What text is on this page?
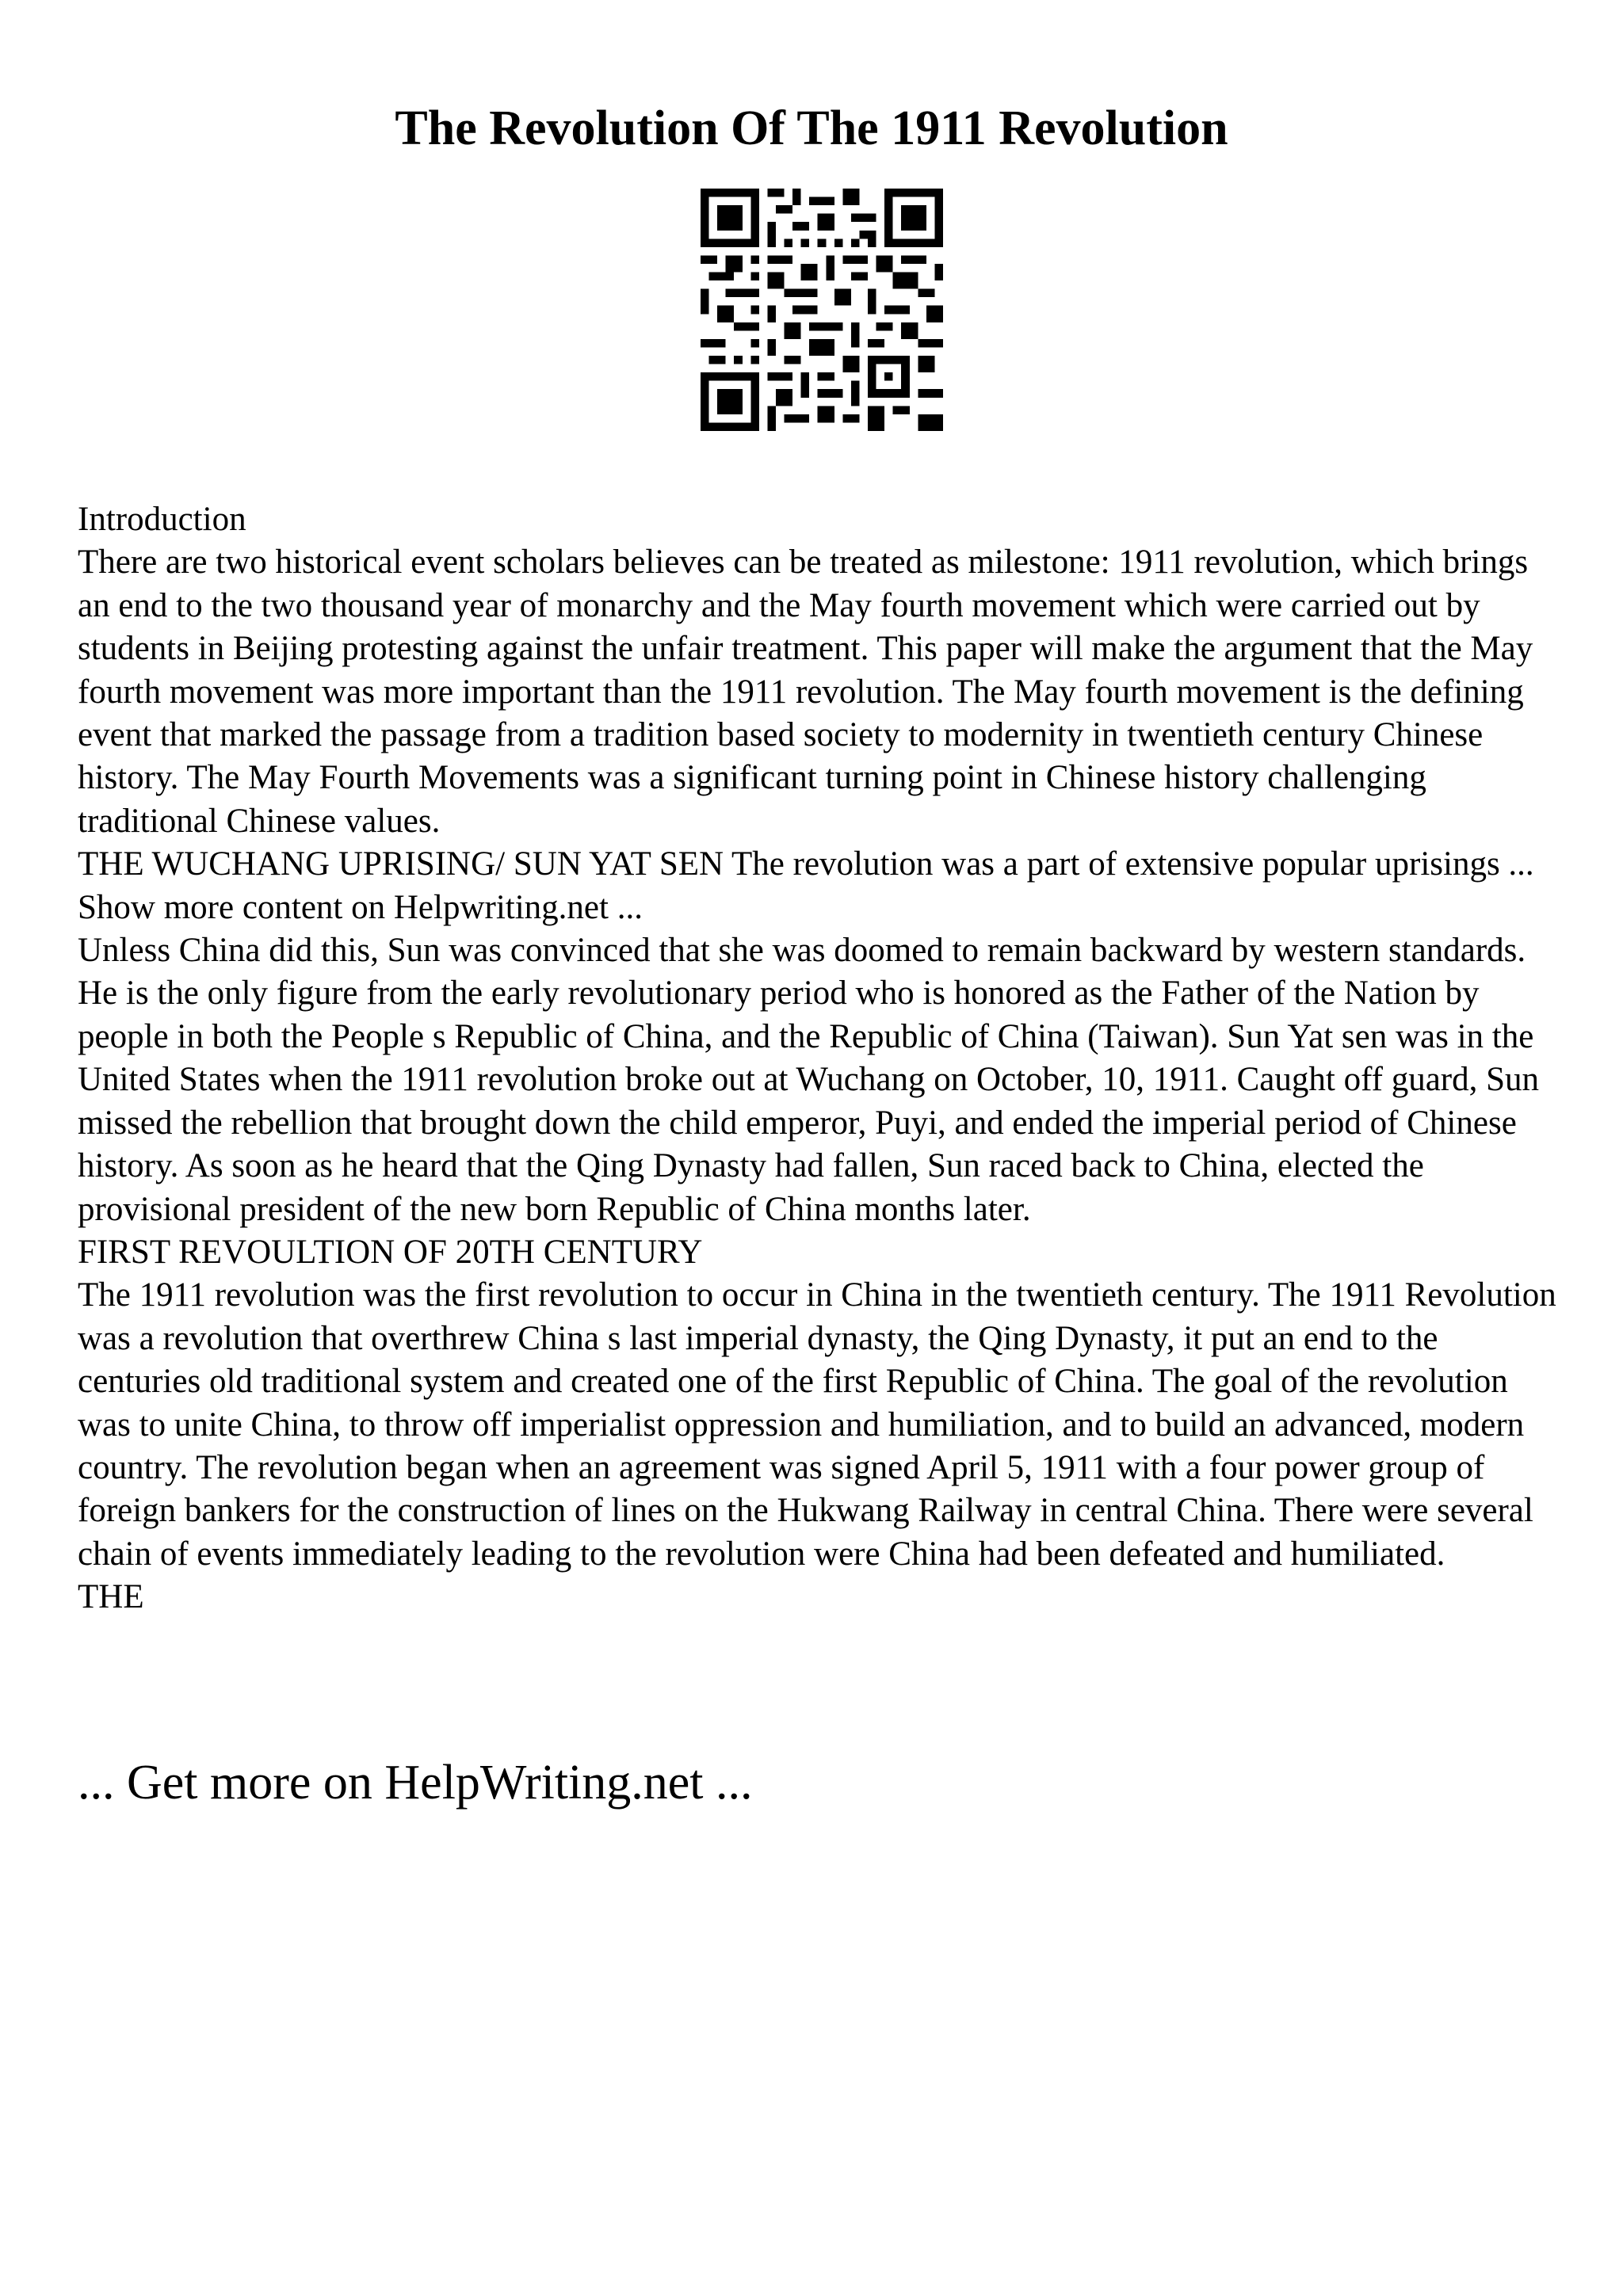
The Revolution Of The 1911 Revolution

Introduction

There are two historical event scholars believes can be treated as milestone: 1911 revolution, which brings an end to the two thousand year of monarchy and the May fourth movement which were carried out by students in Beijing protesting against the unfair treatment. This paper will make the argument that the May fourth movement was more important than the 1911 revolution. The May fourth movement is the defining event that marked the passage from a tradition based society to modernity in twentieth century Chinese history. The May Fourth Movements was a significant turning point in Chinese history challenging traditional Chinese values.

THE WUCHANG UPRISING/ SUN YAT SEN The revolution was a part of extensive popular uprisings ... Show more content on Helpwriting.net ...

Unless China did this, Sun was convinced that she was doomed to remain backward by western standards. He is the only figure from the early revolutionary period who is honored as the Father of the Nation by people in both the People s Republic of China, and the Republic of China (Taiwan). Sun Yat sen was in the United States when the 1911 revolution broke out at Wuchang on October, 10, 1911. Caught off guard, Sun missed the rebellion that brought down the child emperor, Puyi, and ended the imperial period of Chinese history. As soon as he heard that the Qing Dynasty had fallen, Sun raced back to China, elected the provisional president of the new born Republic of China months later.

FIRST REVOULTION OF 20TH CENTURY

The 1911 revolution was the first revolution to occur in China in the twentieth century. The 1911 Revolution was a revolution that overthrew China s last imperial dynasty, the Qing Dynasty, it put an end to the centuries old traditional system and created one of the first Republic of China. The goal of the revolution was to unite China, to throw off imperialist oppression and humiliation, and to build an advanced, modern country. The revolution began when an agreement was signed April 5, 1911 with a four power group of foreign bankers for the construction of lines on the Hukwang Railway in central China. There were several chain of events immediately leading to the revolution were China had been defeated and humiliated.

THE

... Get more on HelpWriting.net ...
